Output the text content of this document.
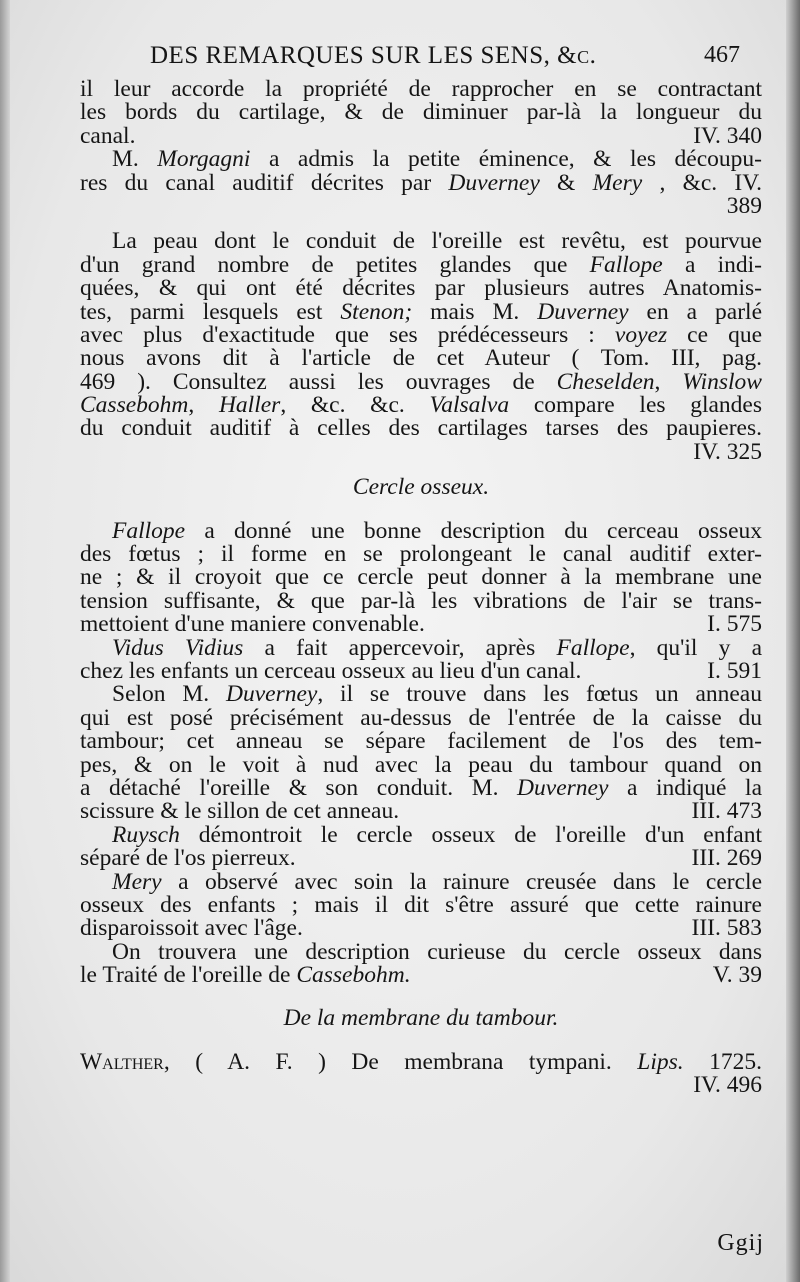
DES REMARQUES SUR LES SENS, &c.	467
il leur accorde la propriété de rapprocher en se contractant
les bords du cartilage, & de diminuer par-là la longueur du
canal.	IV. 340
M. Morgagni a admis la petite éminence, & les découpu-
res du canal auditif décrites par Duverney & Mery , &c. IV.
389
La peau dont le conduit de l'oreille est revêtu, est pourvue
d'un grand nombre de petites glandes que Fallope a indi-
quées, & qui ont été décrites par plusieurs autres Anatomis-
tes, parmi lesquels est Stenon; mais M. Duverney en a parlé
avec plus d'exactitude que ses prédécesseurs : voyez ce que
nous avons dit à l'article de cet Auteur ( Tom. III, pag.
469 ). Consultez aussi les ouvrages de Cheselden, Winslow
Cassebohm, Haller, &c. &c. Valsalva compare les glandes
du conduit auditif à celles des cartilages tarses des paupieres.
IV. 325
Cercle osseux.
Fallope a donné une bonne description du cerceau osseux
des fœtus ; il forme en se prolongeant le canal auditif exter-
ne ; & il croyoit que ce cercle peut donner à la membrane une
tension suffisante, & que par-là les vibrations de l'air se trans-
mettoient d'une maniere convenable.	I. 575
Vidus Vidius a fait appercevoir, après Fallope, qu'il y a
chez les enfants un cerceau osseux au lieu d'un canal.	I. 591
Selon M. Duverney, il se trouve dans les fœtus un anneau
qui est posé précisément au-dessus de l'entrée de la caisse du
tambour; cet anneau se sépare facilement de l'os des tem-
pes, & on le voit à nud avec la peau du tambour quand on
a détaché l'oreille & son conduit. M. Duverney a indiqué la
scissure & le sillon de cet anneau.	III. 473
Ruysch démontroit le cercle osseux de l'oreille d'un enfant
séparé de l'os pierreux.	III. 269
Mery a observé avec soin la rainure creusée dans le cercle
osseux des enfants ; mais il dit s'être assuré que cette rainure
disparoissoit avec l'âge.	III. 583
On trouvera une description curieuse du cercle osseux dans
le Traité de l'oreille de Cassebohm.	V. 39
De la membrane du tambour.
Walther, ( A. F. ) De membrana tympani. Lips. 1725.
IV. 496
Ggij
